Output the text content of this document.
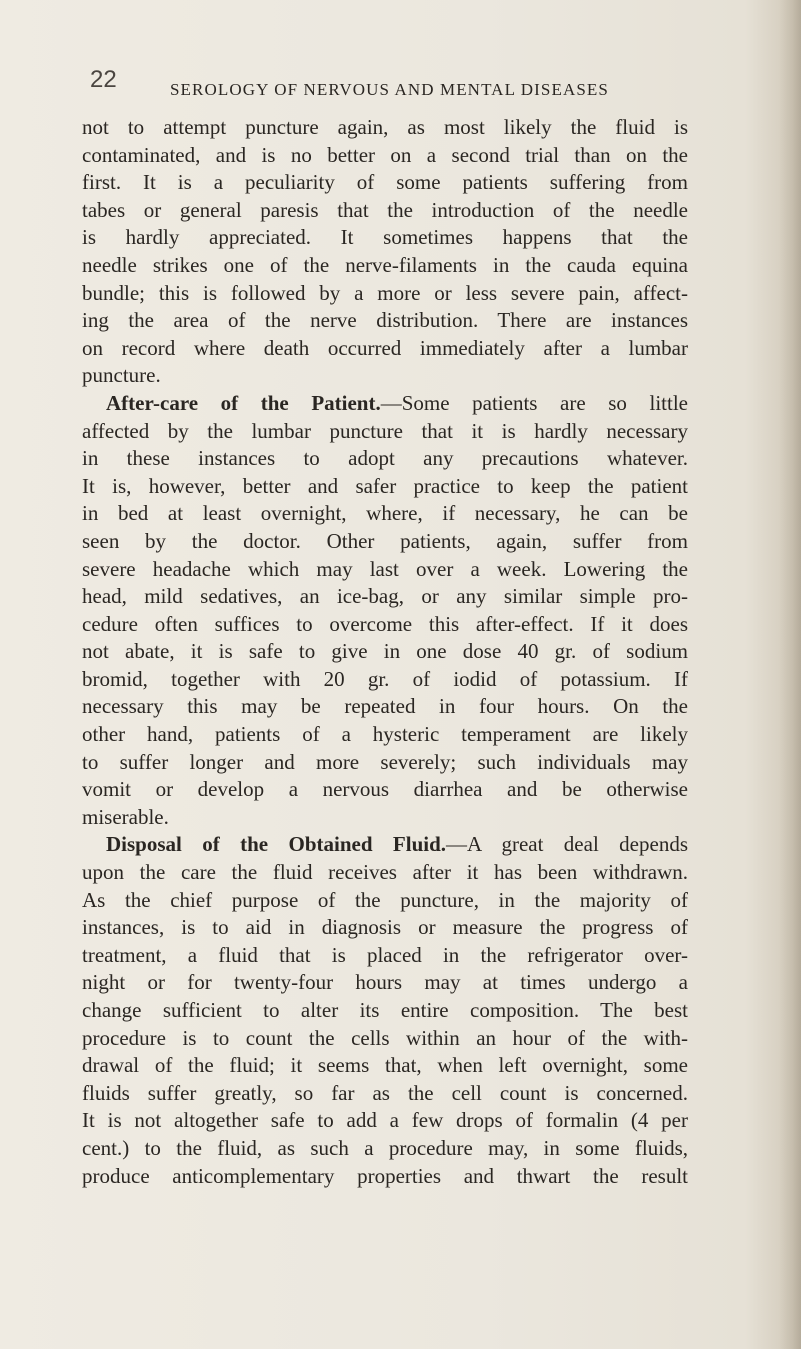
22	SEROLOGY OF NERVOUS AND MENTAL DISEASES
not to attempt puncture again, as most likely the fluid is
contaminated, and is no better on a second trial than on the
first. It is a peculiarity of some patients suffering from
tabes or general paresis that the introduction of the needle
is hardly appreciated. It sometimes happens that the
needle strikes one of the nerve-filaments in the cauda equina
bundle; this is followed by a more or less severe pain, affect-
ing the area of the nerve distribution. There are instances
on record where death occurred immediately after a lumbar
puncture.
After-care of the Patient.—Some patients are so little
affected by the lumbar puncture that it is hardly necessary
in these instances to adopt any precautions whatever.
It is, however, better and safer practice to keep the patient
in bed at least overnight, where, if necessary, he can be
seen by the doctor. Other patients, again, suffer from
severe headache which may last over a week. Lowering the
head, mild sedatives, an ice-bag, or any similar simple pro-
cedure often suffices to overcome this after-effect. If it does
not abate, it is safe to give in one dose 40 gr. of sodium
bromid, together with 20 gr. of iodid of potassium. If
necessary this may be repeated in four hours. On the
other hand, patients of a hysteric temperament are likely
to suffer longer and more severely; such individuals may
vomit or develop a nervous diarrhea and be otherwise
miserable.
Disposal of the Obtained Fluid.—A great deal depends
upon the care the fluid receives after it has been withdrawn.
As the chief purpose of the puncture, in the majority of
instances, is to aid in diagnosis or measure the progress of
treatment, a fluid that is placed in the refrigerator over-
night or for twenty-four hours may at times undergo a
change sufficient to alter its entire composition. The best
procedure is to count the cells within an hour of the with-
drawal of the fluid; it seems that, when left overnight, some
fluids suffer greatly, so far as the cell count is concerned.
It is not altogether safe to add a few drops of formalin (4 per
cent.) to the fluid, as such a procedure may, in some fluids,
produce anticomplementary properties and thwart the result
